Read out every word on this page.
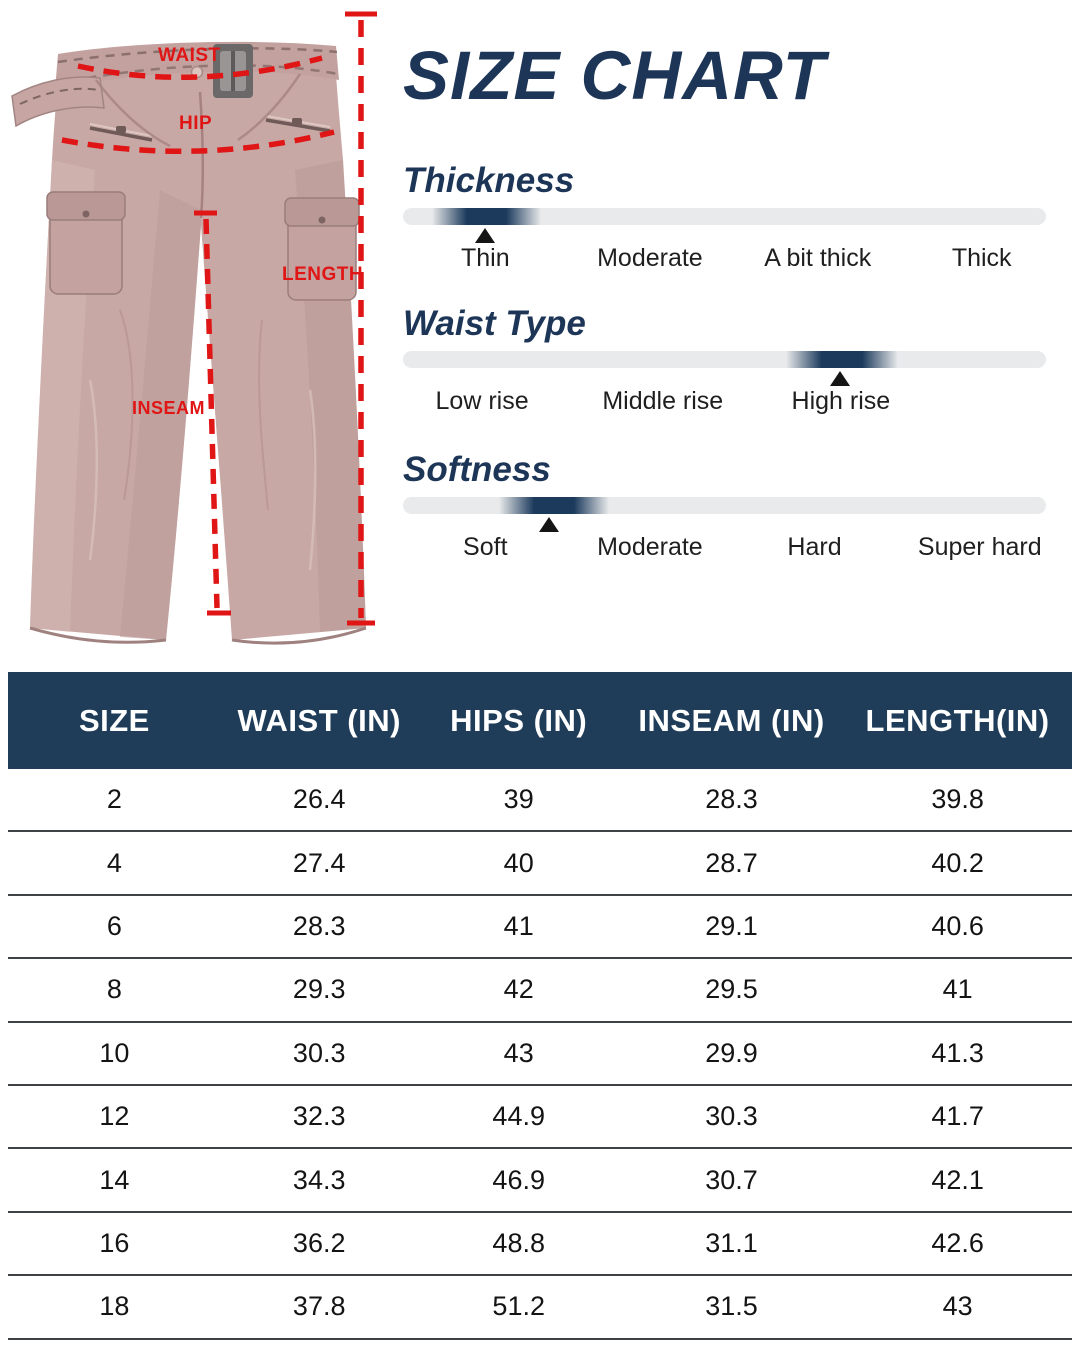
WAIST
HIP
LENGTH
INSEAM
SIZE CHART
Thickness
Thin	Moderate A bit thick	Thick
Waist Type
Low rise	Middle rise	High rise
Softness
Soft	Moderate	Hard	Super hard
SIZE	WAIST (IN)	HIPS (IN)	INSEAM (IN)	LENGTH(IN)
2	26.4	39	28.3	39.8
4	27.4	40	28.7	40.2
6	28.3	41	29.1	40.6
8	29.3	42	29.5	41
10	30.3	43	29.9	41.3
12	32.3	44.9	30.3	41.7
14	34.3	46.9	30.7	42.1
16	36.2	48.8	31.1	42.6
18	37.8	51.2	31.5	43
